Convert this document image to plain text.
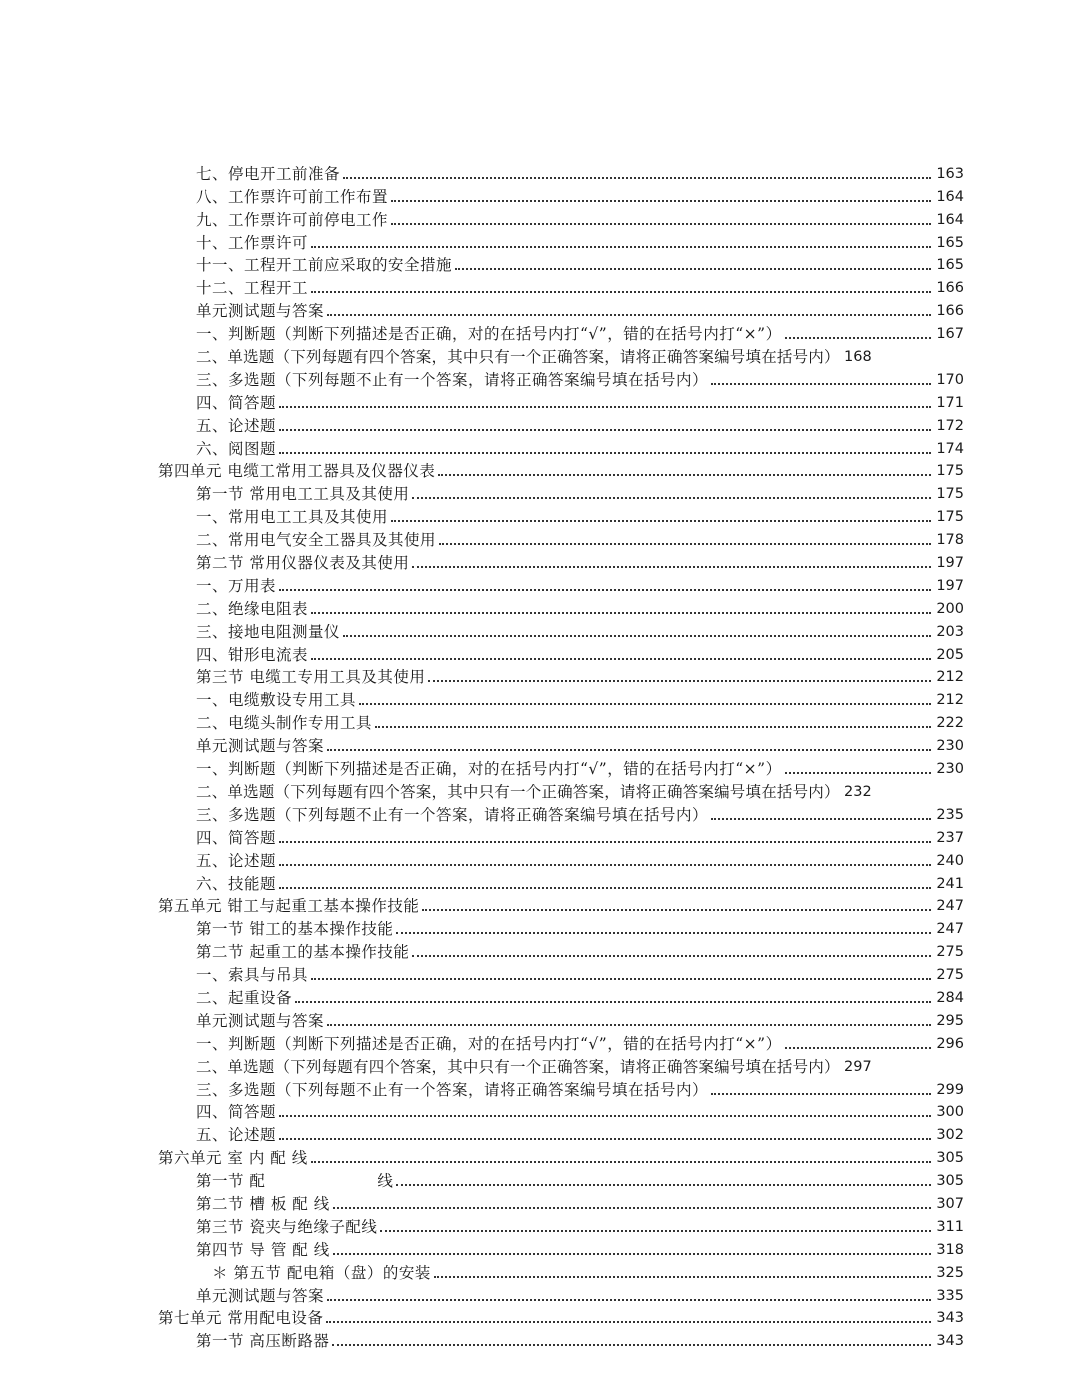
七、停电开工前准备	163
八、工作票许可前工作布置	164
九、工作票许可前停电工作	164
十、工作票许可	165
十一、工程开工前应采取的安全措施	165
十二、工程开工	166
单元测试题与答案	166
一、判断题（判断下列描述是否正确，对的在括号内打“√”，错的在括号内打“×”）	167
二、单选题（下列每题有四个答案，其中只有一个正确答案，请将正确答案编号填在括号内） 168
三、多选题（下列每题不止有一个答案，请将正确答案编号填在括号内）	170
四、简答题	171
五、论述题	172
六、阅图题	174
第四单元 电缆工常用工器具及仪器仪表	175
第一节 常用电工工具及其使用	175
一、常用电工工具及其使用	175
二、常用电气安全工器具及其使用	178
第二节 常用仪器仪表及其使用	197
一、万用表	197
二、绝缘电阻表	200
三、接地电阻测量仪	203
四、钳形电流表	205
第三节 电缆工专用工具及其使用	212
一、电缆敷设专用工具	212
二、电缆头制作专用工具	222
单元测试题与答案	230
一、判断题（判断下列描述是否正确，对的在括号内打“√”，错的在括号内打“×”）	230
二、单选题（下列每题有四个答案，其中只有一个正确答案，请将正确答案编号填在括号内） 232
三、多选题（下列每题不止有一个答案，请将正确答案编号填在括号内）	235
四、简答题	237
五、论述题	240
六、技能题	241
第五单元 钳工与起重工基本操作技能	247
第一节 钳工的基本操作技能	247
第二节 起重工的基本操作技能	275
一、索具与吊具	275
二、起重设备	284
单元测试题与答案	295
一、判断题（判断下列描述是否正确，对的在括号内打“√”，错的在括号内打“×”）	296
二、单选题（下列每题有四个答案，其中只有一个正确答案，请将正确答案编号填在括号内） 297
三、多选题（下列每题不止有一个答案，请将正确答案编号填在括号内）	299
四、简答题	300
五、论述题	302
第六单元 室 内 配 线	305
第一节 配　　　　　　　线	305
第二节 槽 板 配 线	307
第三节 瓷夹与绝缘子配线	311
第四节 导 管 配 线	318
　＊ 第五节 配电箱（盘）的安装	325
单元测试题与答案	335
第七单元 常用配电设备	343
第一节 高压断路器	343
